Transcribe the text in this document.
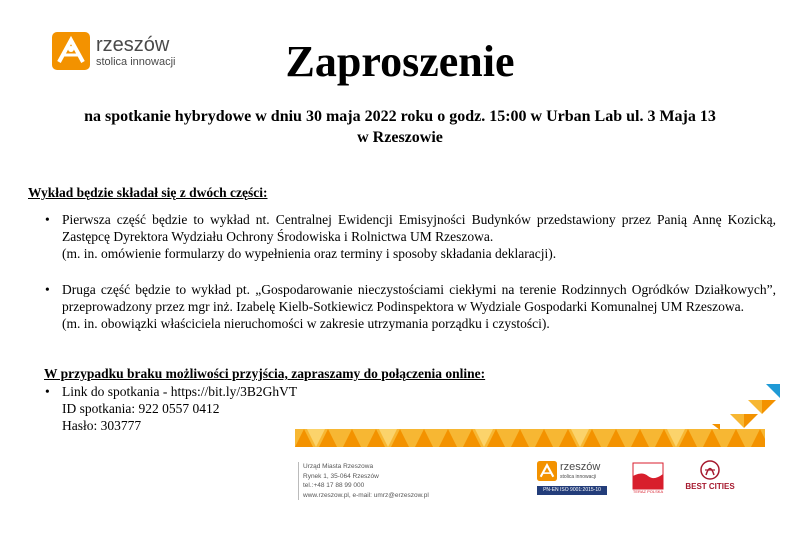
rzeszów
stolica innowacji	Zaproszenie
na spotkanie hybrydowe w dniu 30 maja 2022 roku o godz. 15:00 w Urban Lab ul. 3 Maja 13
w Rzeszowie
Wykład będzie składał się z dwóch części:
• Pierwsza część będzie to wykład nt. Centralnej Ewidencji Emisyjności Budynków przedstawiony przez Panią Annę Kozicką, Zastępcę Dyrektora Wydziału Ochrony Środowiska i Rolnictwa UM Rzeszowa.
(m. in. omówienie formularzy do wypełnienia oraz terminy i sposoby składania deklaracji).
• Druga część będzie to wykład pt. „Gospodarowanie nieczystościami ciekłymi na terenie Rodzinnych Ogródków Działkowych”, przeprowadzony przez mgr inż. Izabelę Kielb-Sotkiewicz Podinspektora w Wydziale Gospodarki Komunalnej UM Rzeszowa.
(m. in. obowiązki właściciela nieruchomości w zakresie utrzymania porządku i czystości).
W przypadku braku możliwości przyjścia, zapraszamy do połączenia online:
• Link do spotkania - https://bit.ly/3B2GhVT
ID spotkania: 922 0557 0412
Hasło: 303777
Urząd Miasta Rzeszowa
Rynek 1, 35-064 Rzeszów
tel.:+48 17 88 99 000
www.rzeszow.pl, e-mail: umrz@erzeszow.pl
rzeszów
stolica innowacji
PN-EN ISO 9001:2015-10	TERAZ POLSKA
BEST CITIES
